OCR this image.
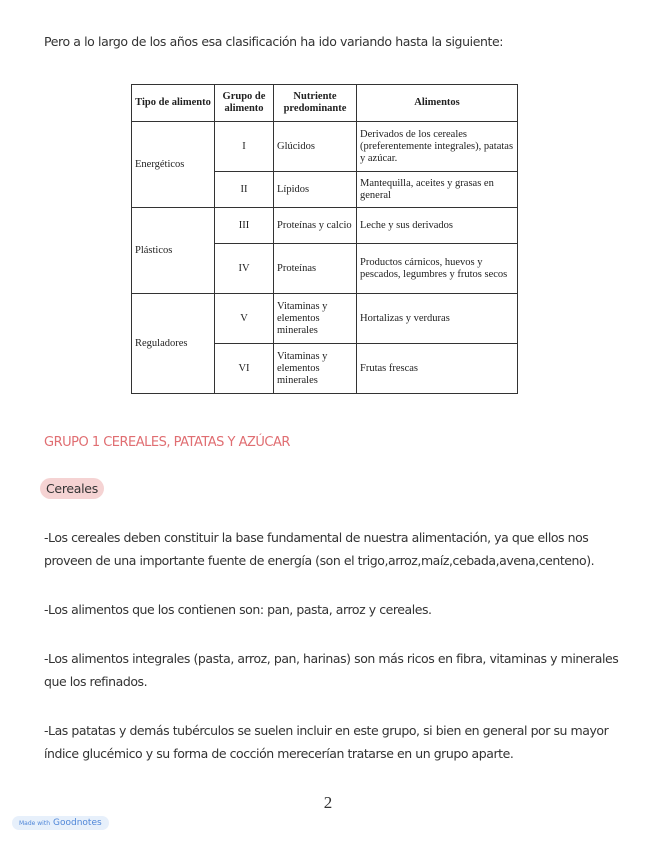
Pero a lo largo de los años esa clasificación ha ido variando hasta la siguiente:
Tipo de alimento	Grupo de alimento	Nutriente predominante	Alimentos
Energéticos	I	Glúcidos	Derivados de los cereales (preferentemente integrales), patatas y azúcar.
	II	Lípidos	Mantequilla, aceites y grasas en general
Plásticos	III	Proteínas y calcio	Leche y sus derivados
	IV	Proteínas	Productos cárnicos, huevos y pescados, legumbres y frutos secos
Reguladores	V	Vitaminas y elementos minerales	Hortalizas y verduras
	VI	Vitaminas y elementos minerales	Frutas frescas
GRUPO 1 CEREALES, PATATAS Y AZÚCAR
Cereales
-Los cereales deben constituir la base fundamental de nuestra alimentación, ya que ellos nos proveen de una importante fuente de energía (son el trigo,arroz,maíz,cebada,avena,centeno).
-Los alimentos que los contienen son: pan, pasta, arroz y cereales.
-Los alimentos integrales (pasta, arroz, pan, harinas) son más ricos en fibra, vitaminas y minerales que los refinados.
-Las patatas y demás tubérculos se suelen incluir en este grupo, si bien en general por su mayor índice glucémico y su forma de cocción merecerían tratarse en un grupo aparte.
2
Made with Goodnotes
